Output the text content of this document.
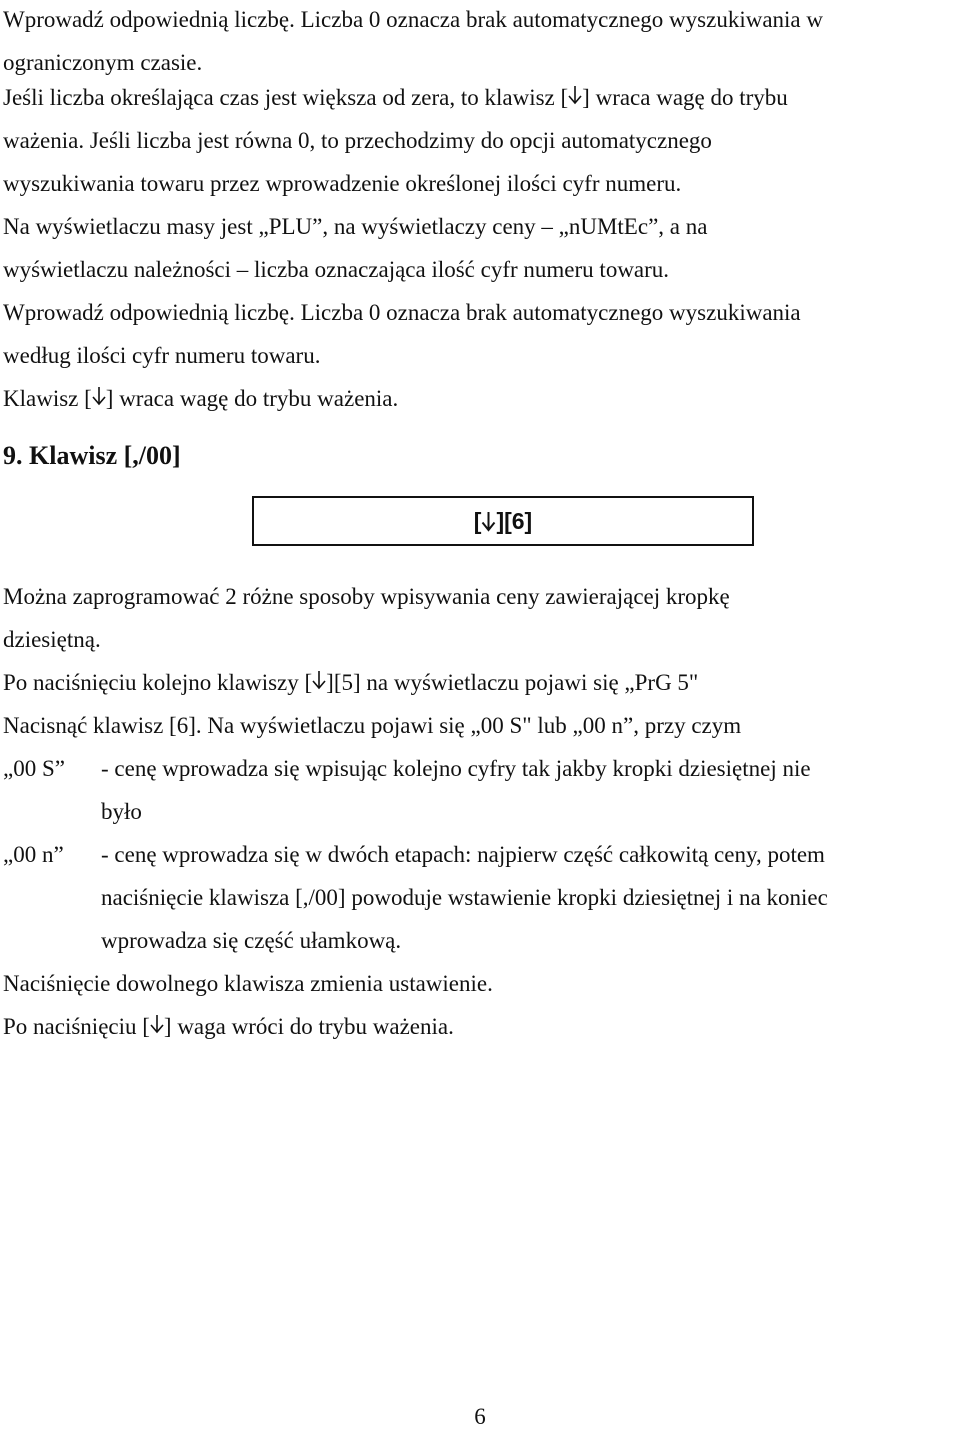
Wprowadź odpowiednią liczbę. Liczba 0 oznacza brak automatycznego wyszukiwania w
ograniczonym czasie.
Jeśli liczba określająca czas jest większa od zera, to klawisz [ ] wraca wagę do trybu
ważenia. Jeśli liczba jest równa 0, to przechodzimy do opcji automatycznego
wyszukiwania towaru przez wprowadzenie określonej ilości cyfr numeru.
Na wyświetlaczu masy jest „PLU”, na wyświetlaczy ceny – „nUMtEc”, a na
wyświetlaczu należności – liczba oznaczająca ilość cyfr numeru towaru.
Wprowadź odpowiednią liczbę. Liczba 0 oznacza brak automatycznego wyszukiwania
według ilości cyfr numeru towaru.
Klawisz [ ] wraca wagę do trybu ważenia.
9. Klawisz [,/00]
[ ][6]
Można zaprogramować 2 różne sposoby wpisywania ceny zawierającej kropkę
dziesiętną.
Po naciśnięciu kolejno klawiszy [ ][5] na wyświetlaczu pojawi się „PrG 5"
Nacisnąć klawisz [6]. Na wyświetlaczu pojawi się „00 S" lub „00 n”, przy czym
„00 S” - cenę wprowadza się wpisując kolejno cyfry tak jakby kropki dziesiętnej nie
było
„00 n” - cenę wprowadza się w dwóch etapach: najpierw część całkowitą ceny, potem
naciśnięcie klawisza [,/00] powoduje wstawienie kropki dziesiętnej i na koniec
wprowadza się część ułamkową.
Naciśnięcie dowolnego klawisza zmienia ustawienie.
Po naciśnięciu [ ] waga wróci do trybu ważenia.
6
